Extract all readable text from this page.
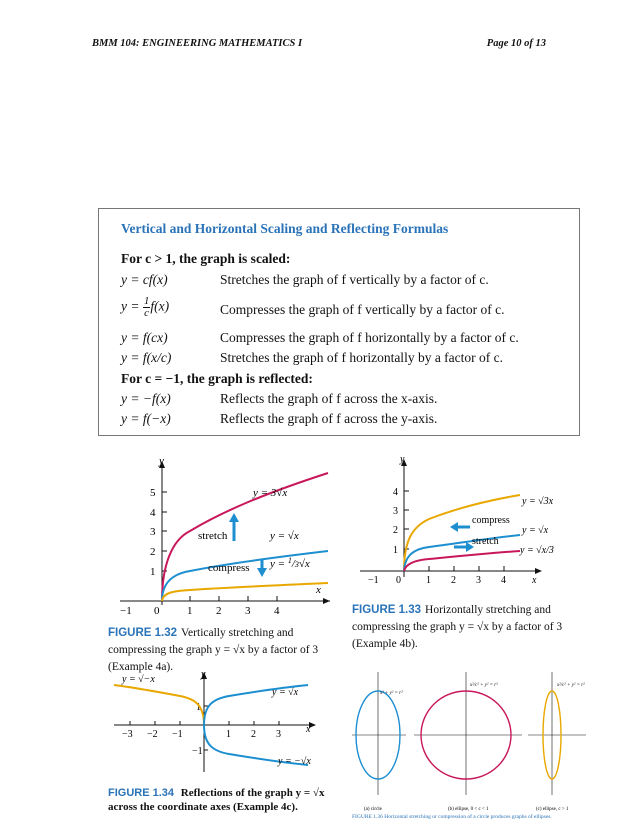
BMM 104: ENGINEERING MATHEMATICS I	Page 10 of 13
Vertical and Horizontal Scaling and Reflecting Formulas
For c > 1, the graph is scaled:
y = cf(x)	Stretches the graph of f vertically by a factor of c.
$y = \frac{1}{c} f(x)$	Compresses the graph of f vertically by a factor of c.
y = f(cx)	Compresses the graph of f horizontally by a factor of c.
y = f(x/c)	Stretches the graph of f horizontally by a factor of c.
For c = −1, the graph is reflected:
y = −f(x)	Reflects the graph of f across the x-axis.
y = f(−x)	Reflects the graph of f across the y-axis.
x
y
1
2
3
4
5
−1 0	1 2 3 4
y = 3√x
y = √x
y = $^1$/3√x
stretch
compress
FIGURE 1.32 Vertically stretching and compressing the graph y = √x by a factor of 3 (Example 4a).
x
y
1
2
3
4
−1 0	1 2 3 4
y = √3x
y = √x
y = √x/3
compress
stretch
FIGURE 1.33 Horizontally stretching and compressing the graph y = √x by a factor of 3 (Example 4b).
x
y
−3 −2 −1	1 2 3
1
−1
y = √−x
y = √x
y = −√x
FIGURE 1.34 Reflections of the graph y = √x across the coordinate axes (Example 4c).
x² + y² = r²
(a) circle
x²/c² + y² = r²
(b) ellipse, 0 < c < 1
x²/c² + y² = r²
(c) ellipse, c > 1
FIGURE 1.36 Horizontal stretching or compression of a circle produces graphs of ellipses.
